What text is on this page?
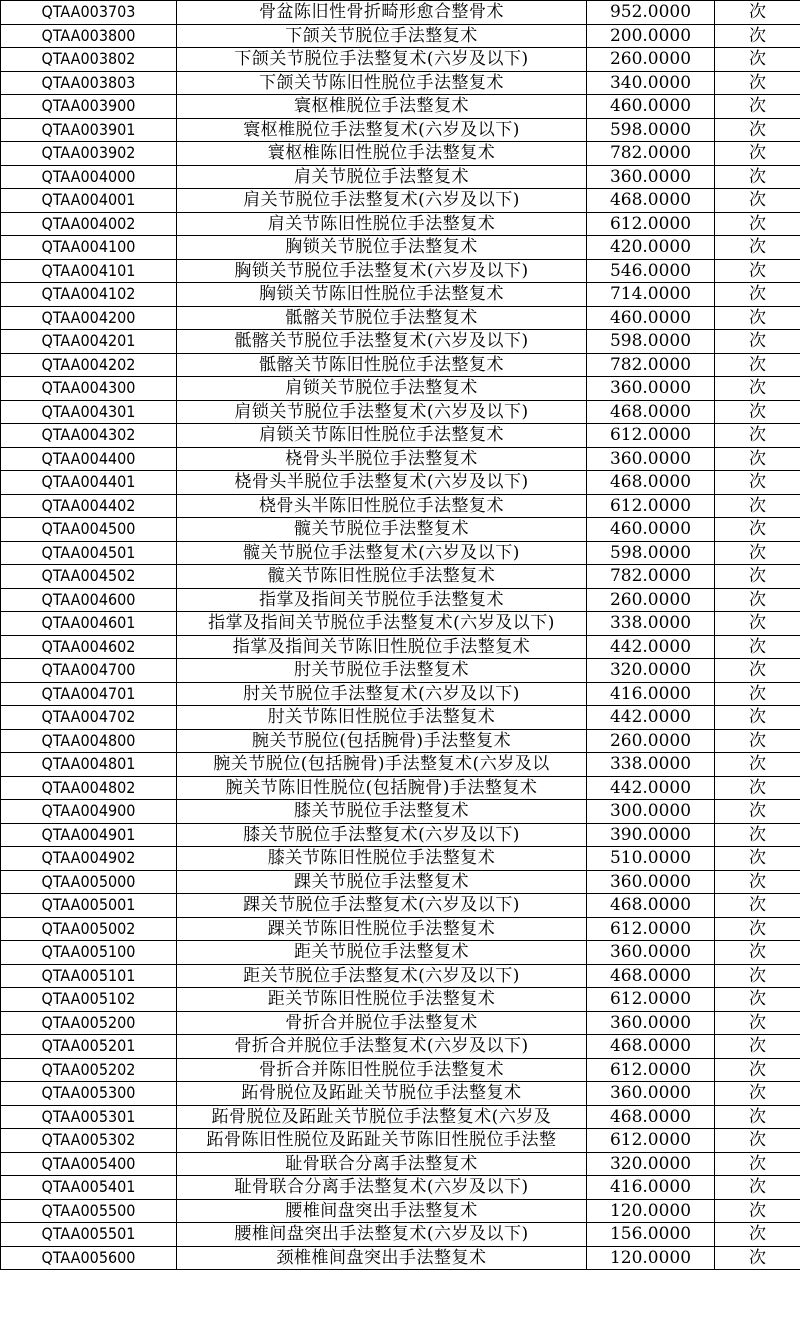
QTAA003703	骨盆陈旧性骨折畸形愈合整骨术	952.0000	次
QTAA003800	下颌关节脱位手法整复术	200.0000	次
QTAA003802	下颌关节脱位手法整复术(六岁及以下)	260.0000	次
QTAA003803	下颌关节陈旧性脱位手法整复术	340.0000	次
QTAA003900	寰枢椎脱位手法整复术	460.0000	次
QTAA003901	寰枢椎脱位手法整复术(六岁及以下)	598.0000	次
QTAA003902	寰枢椎陈旧性脱位手法整复术	782.0000	次
QTAA004000	肩关节脱位手法整复术	360.0000	次
QTAA004001	肩关节脱位手法整复术(六岁及以下)	468.0000	次
QTAA004002	肩关节陈旧性脱位手法整复术	612.0000	次
QTAA004100	胸锁关节脱位手法整复术	420.0000	次
QTAA004101	胸锁关节脱位手法整复术(六岁及以下)	546.0000	次
QTAA004102	胸锁关节陈旧性脱位手法整复术	714.0000	次
QTAA004200	骶髂关节脱位手法整复术	460.0000	次
QTAA004201	骶髂关节脱位手法整复术(六岁及以下)	598.0000	次
QTAA004202	骶髂关节陈旧性脱位手法整复术	782.0000	次
QTAA004300	肩锁关节脱位手法整复术	360.0000	次
QTAA004301	肩锁关节脱位手法整复术(六岁及以下)	468.0000	次
QTAA004302	肩锁关节陈旧性脱位手法整复术	612.0000	次
QTAA004400	桡骨头半脱位手法整复术	360.0000	次
QTAA004401	桡骨头半脱位手法整复术(六岁及以下)	468.0000	次
QTAA004402	桡骨头半陈旧性脱位手法整复术	612.0000	次
QTAA004500	髋关节脱位手法整复术	460.0000	次
QTAA004501	髋关节脱位手法整复术(六岁及以下)	598.0000	次
QTAA004502	髋关节陈旧性脱位手法整复术	782.0000	次
QTAA004600	指掌及指间关节脱位手法整复术	260.0000	次
QTAA004601	指掌及指间关节脱位手法整复术(六岁及以下)	338.0000	次
QTAA004602	指掌及指间关节陈旧性脱位手法整复术	442.0000	次
QTAA004700	肘关节脱位手法整复术	320.0000	次
QTAA004701	肘关节脱位手法整复术(六岁及以下)	416.0000	次
QTAA004702	肘关节陈旧性脱位手法整复术	442.0000	次
QTAA004800	腕关节脱位(包括腕骨)手法整复术	260.0000	次
QTAA004801	腕关节脱位(包括腕骨)手法整复术(六岁及以	338.0000	次
QTAA004802	腕关节陈旧性脱位(包括腕骨)手法整复术	442.0000	次
QTAA004900	膝关节脱位手法整复术	300.0000	次
QTAA004901	膝关节脱位手法整复术(六岁及以下)	390.0000	次
QTAA004902	膝关节陈旧性脱位手法整复术	510.0000	次
QTAA005000	踝关节脱位手法整复术	360.0000	次
QTAA005001	踝关节脱位手法整复术(六岁及以下)	468.0000	次
QTAA005002	踝关节陈旧性脱位手法整复术	612.0000	次
QTAA005100	距关节脱位手法整复术	360.0000	次
QTAA005101	距关节脱位手法整复术(六岁及以下)	468.0000	次
QTAA005102	距关节陈旧性脱位手法整复术	612.0000	次
QTAA005200	骨折合并脱位手法整复术	360.0000	次
QTAA005201	骨折合并脱位手法整复术(六岁及以下)	468.0000	次
QTAA005202	骨折合并陈旧性脱位手法整复术	612.0000	次
QTAA005300	跖骨脱位及跖趾关节脱位手法整复术	360.0000	次
QTAA005301	跖骨脱位及跖趾关节脱位手法整复术(六岁及	468.0000	次
QTAA005302	跖骨陈旧性脱位及跖趾关节陈旧性脱位手法整	612.0000	次
QTAA005400	耻骨联合分离手法整复术	320.0000	次
QTAA005401	耻骨联合分离手法整复术(六岁及以下)	416.0000	次
QTAA005500	腰椎间盘突出手法整复术	120.0000	次
QTAA005501	腰椎间盘突出手法整复术(六岁及以下)	156.0000	次
QTAA005600	颈椎椎间盘突出手法整复术	120.0000	次
